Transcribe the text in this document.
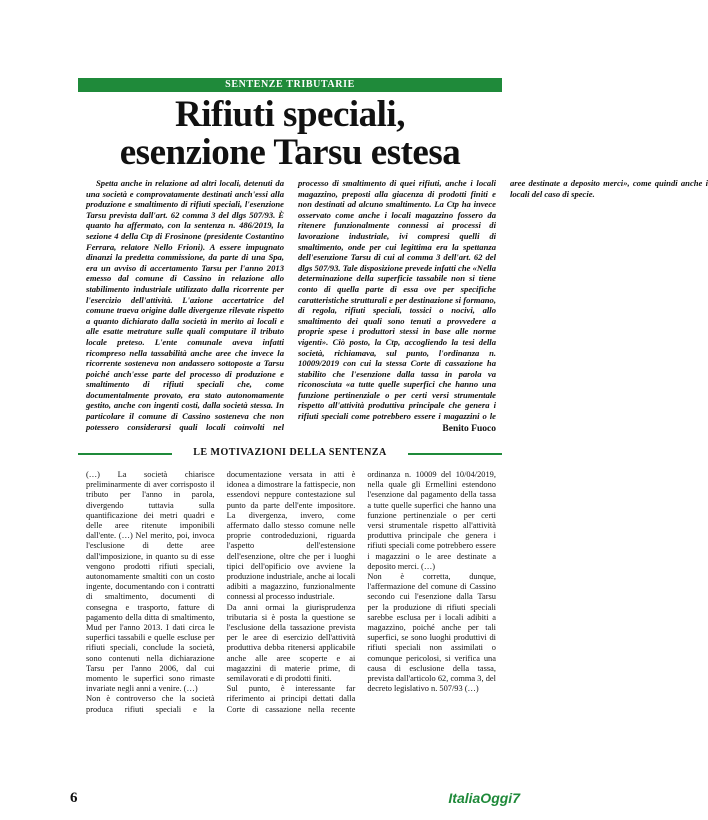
SENTENZE TRIBUTARIE
Rifiuti speciali,
esenzione Tarsu estesa

Spetta anche in relazione ad altri locali, detenuti da una società e comprovatamente destinati anch'essi alla produzione e smaltimento di rifiuti speciali, l'esenzione Tarsu prevista dall'art. 62 comma 3 del dlgs 507/93. È quanto ha affermato, con la sentenza n. 486/2019, la sezione 4 della Ctp di Frosinone (presidente Costantino Ferrara, relatore Nello Frioni). A essere impugnato dinanzi la predetta commissione, da parte di una Spa, era un avviso di accertamento Tarsu per l'anno 2013 emesso dal comune di Cassino in relazione allo stabilimento industriale utilizzato dalla ricorrente per l'esercizio dell'attività. L'azione accertatrice del comune traeva origine dalle divergenze rilevate rispetto a quanto dichiarato dalla società in merito ai locali e alle esatte metrature sulle quali computare il tributo locale preteso. L'ente comunale aveva infatti ricompreso nella tassabilità anche aree che invece la ricorrente sosteneva non andassero sottoposte a Tarsu poiché anch'esse parte del processo di produzione e smaltimento di rifiuti speciali che, come documentalmente provato, era stato autonomamente gestito, anche con ingenti costi, dalla società stessa. In particolare il comune di Cassino sosteneva che non potessero considerarsi quali locali coinvolti nel processo di smaltimento di quei rifiuti, anche i locali magazzino, preposti alla giacenza di prodotti finiti e non destinati ad alcuno smaltimento. La Ctp ha invece osservato come anche i locali magazzino fossero da ritenere funzionalmente connessi ai processi di lavorazione industriale, ivi compresi quelli di smaltimento, onde per cui legittima era la spettanza dell'esenzione Tarsu di cui al comma 3 dell'art. 62 del dlgs 507/93. Tale disposizione prevede infatti che «Nella determinazione della superficie tassabile non si tiene conto di quella parte di essa ove per specifiche caratteristiche strutturali e per destinazione si formano, di regola, rifiuti speciali, tossici o nocivi, allo smaltimento dei quali sono tenuti a provvedere a proprie spese i produttori stessi in base alle norme vigenti». Ciò posto, la Ctp, accogliendo la tesi della società, richiamava, sul punto, l'ordinanza n. 10009/2019 con cui la stessa Corte di cassazione ha stabilito che l'esenzione dalla tassa in parola va riconosciuta «a tutte quelle superfici che hanno una funzione pertinenziale o per certi versi strumentale rispetto all'attività produttiva principale che genera i rifiuti speciali come potrebbero essere i magazzini o le aree destinate a deposito merci», come quindi anche i locali del caso di specie.

Benito Fuoco
LE MOTIVAZIONI DELLA SENTENZA

(…) La società chiarisce preliminarmente di aver corrisposto il tributo per l'anno in parola, divergendo tuttavia sulla quantificazione dei metri quadri e delle aree ritenute imponibili dall'ente. (…) Nel merito, poi, invoca l'esclusione di dette aree dall'imposizione, in quanto su di esse vengono prodotti rifiuti speciali, autonomamente smaltiti con un costo ingente, documentando con i contratti di smaltimento, documenti di consegna e trasporto, fatture di pagamento della ditta di smaltimento, Mud per l'anno 2013. I dati circa le superfici tassabili e quelle escluse per rifiuti speciali, conclude la società, sono contenuti nella dichiarazione Tarsu per l'anno 2006, dal cui momento le superfici sono rimaste invariate negli anni a venire. (…)

Non è controverso che la società produca rifiuti speciali e la documentazione versata in atti è idonea a dimostrare la fattispecie, non essendovi neppure contestazione sul punto da parte dell'ente impositore. La divergenza, invero, come affermato dallo stesso comune nelle proprie controdeduzioni, riguarda l'aspetto dell'estensione dell'esenzione, oltre che per i luoghi tipici dell'opificio ove avviene la produzione industriale, anche ai locali adibiti a magazzino, funzionalmente connessi al processo industriale.

Da anni ormai la giurisprudenza tributaria si è posta la questione se l'esclusione della tassazione prevista per le aree di esercizio dell'attività produttiva debba ritenersi applicabile anche alle aree scoperte e ai magazzini di materie prime, di semilavorati e di prodotti finiti.

Sul punto, è interessante far riferimento ai principi dettati dalla Corte di cassazione nella recente ordinanza n. 10009 del 10/04/2019, nella quale gli Ermellini estendono l'esenzione dal pagamento della tassa a tutte quelle superfici che hanno una funzione pertinenziale o per certi versi strumentale rispetto all'attività produttiva principale che genera i rifiuti speciali come potrebbero essere i magazzini o le aree destinate a deposito merci. (…)

Non è corretta, dunque, l'affermazione del comune di Cassino secondo cui l'esenzione dalla Tarsu per la produzione di rifiuti speciali sarebbe esclusa per i locali adibiti a magazzino, poiché anche per tali superfici, se sono luoghi produttivi di rifiuti speciali non assimilati o comunque pericolosi, si verifica una causa di esclusione della tassa, prevista dall'articolo 62, comma 3, del decreto legislativo n. 507/93 (…)

6	ItaliaOggi7
